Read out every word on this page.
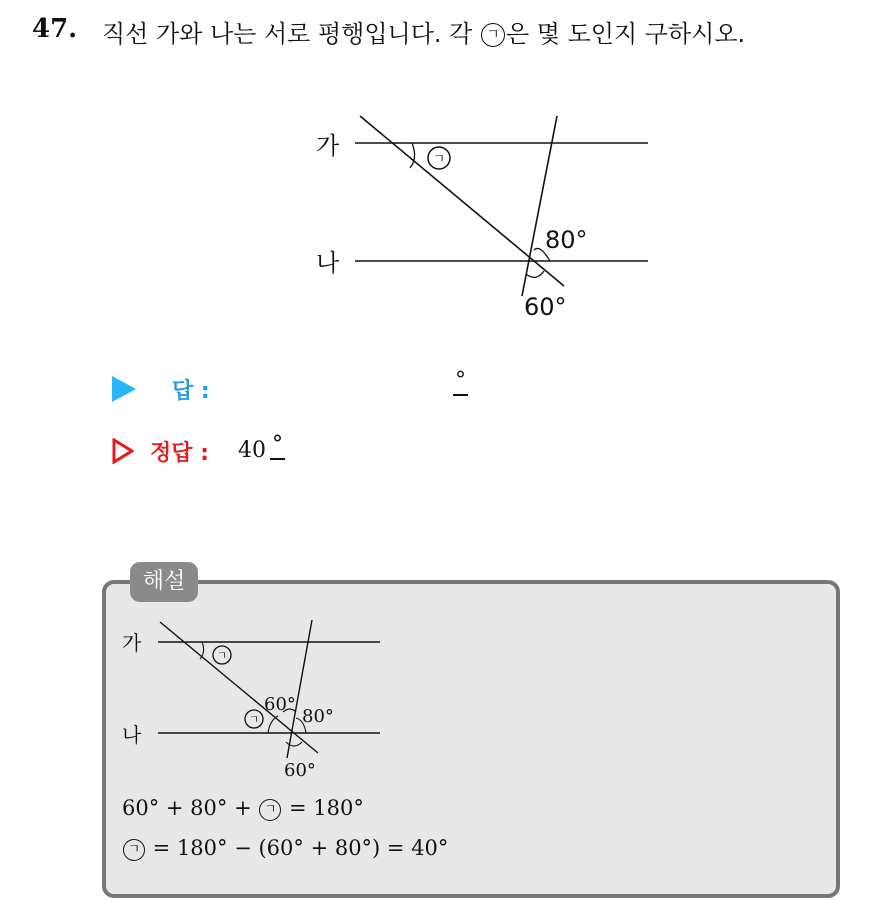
47. 직선 가와 나는 서로 평행입니다. 각 ㄱ 은 몇 도인지 구하시오.
ㄱ
가
나
80°
60°
답 :	°
정답 : 40 °
해설
ㄱ
ㄱ
가
나
60°
80°
60°
60° + 80° + ㄱ = 180°
ㄱ = 180° − (60° + 80°) = 40°
